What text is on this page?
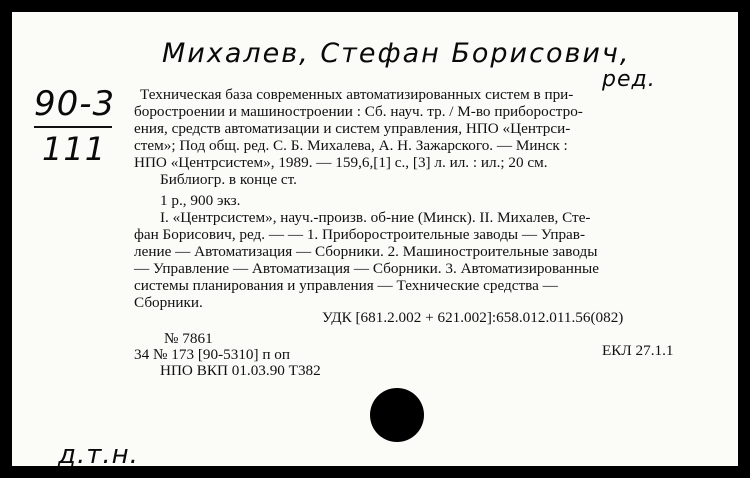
Михалев, Стефан Борисович,
ред.
90-3
111
Техническая база современных автоматизированных систем в при-
боростроении и машиностроении : Сб. науч. тр. / М-во приборостро-
ения, средств автоматизации и систем управления, НПО «Центрси-
стем»; Под общ. ред. С. Б. Михалева, А. Н. Зажарского. — Минск :
НПО «Центрсистем», 1989. — 159,6,[1] с., [3] л. ил. : ил.; 20 см.
Библиогр. в конце ст.
1 р., 900 экз.
I. «Центрсистем», науч.-произв. об-ние (Минск). II. Михалев, Сте-
фан Борисович, ред. — — 1. Приборостроительные заводы — Управ-
ление — Автоматизация — Сборники. 2. Машиностроительные заводы
— Управление — Автоматизация — Сборники. 3. Автоматизированные
системы планирования и управления — Технические средства —
Сборники.
УДК [681.2.002 + 621.002]:658.012.011.56(082)
№ 7861
34 № 173 [90-5310] п оп	ЕКЛ 27.1.1
НПО ВКП 01.03.90 Т382
д.т.н.
